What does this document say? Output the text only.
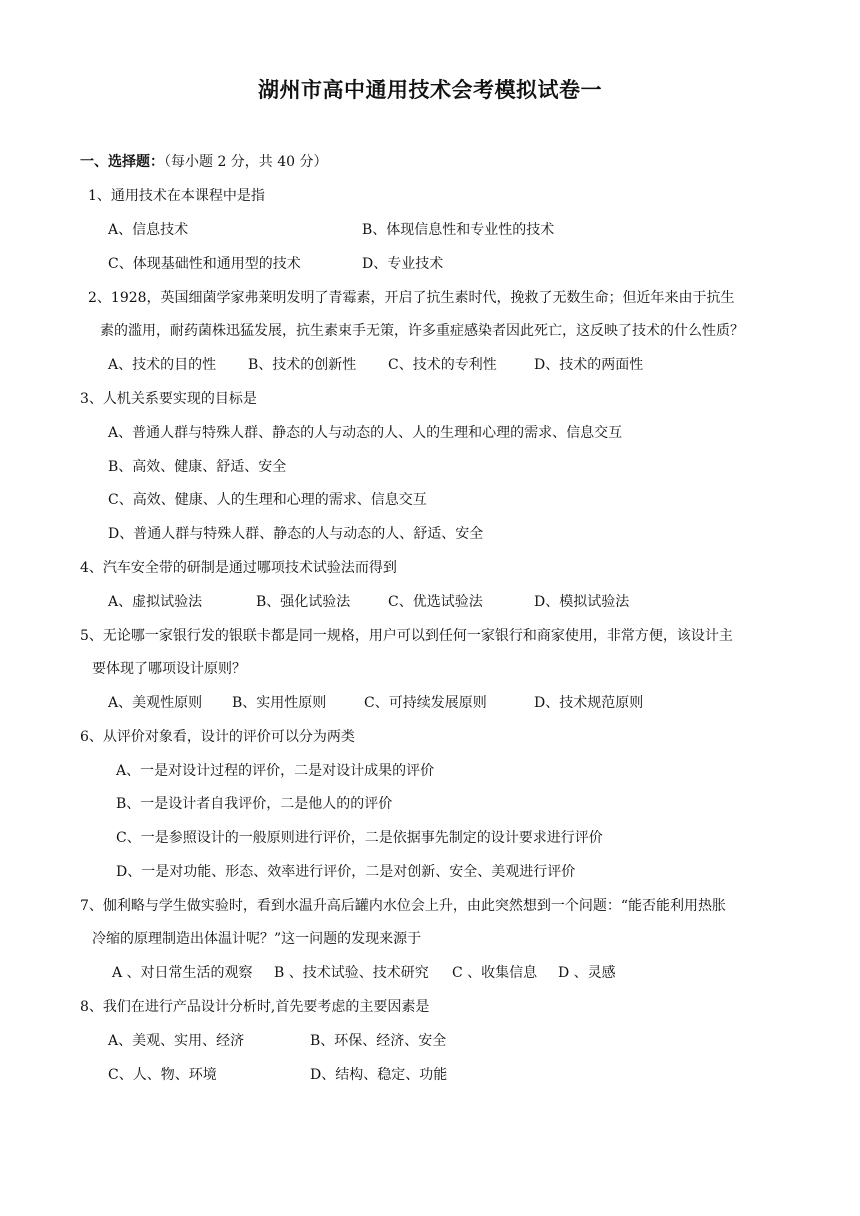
湖州市高中通用技术会考模拟试卷一
一、选择题：（每小题 2 分，共 40 分）
1、通用技术在本课程中是指
A、信息技术	B、体现信息性和专业性的技术
C、体现基础性和通用型的技术	D、专业技术
2、1928，英国细菌学家弗莱明发明了青霉素，开启了抗生素时代，挽救了无数生命；但近年来由于抗生
素的滥用，耐药菌株迅猛发展，抗生素束手无策，许多重症感染者因此死亡，这反映了技术的什么性质？
A、技术的目的性 B、技术的创新性 C、技术的专利性	D、技术的两面性
3、人机关系要实现的目标是
A、普通人群与特殊人群、静态的人与动态的人、人的生理和心理的需求、信息交互
B、高效、健康、舒适、安全
C、高效、健康、人的生理和心理的需求、信息交互
D、普通人群与特殊人群、静态的人与动态的人、舒适、安全
4、汽车安全带的研制是通过哪项技术试验法而得到
A、虚拟试验法	B、强化试验法	C、优选试验法	D、模拟试验法
5、无论哪一家银行发的银联卡都是同一规格，用户可以到任何一家银行和商家使用，非常方便，该设计主
要体现了哪项设计原则？
A、美观性原则 B、实用性原则	C、可持续发展原则	D、技术规范原则
6、从评价对象看，设计的评价可以分为两类
A、一是对设计过程的评价，二是对设计成果的评价
B、一是设计者自我评价，二是他人的的评价
C、一是参照设计的一般原则进行评价，二是依据事先制定的设计要求进行评价
D、一是对功能、形态、效率进行评价，二是对创新、安全、美观进行评价
7、伽利略与学生做实验时，看到水温升高后罐内水位会上升，由此突然想到一个问题：“能否能利用热胀
冷缩的原理制造出体温计呢？”这一问题的发现来源于
A 、对日常生活的观察 B 、技术试验、技术研究 C 、收集信息 D 、灵感
8、我们在进行产品设计分析时,首先要考虑的主要因素是
A、美观、实用、经济	B、环保、经济、安全
C、人、物、环境	D、结构、稳定、功能
